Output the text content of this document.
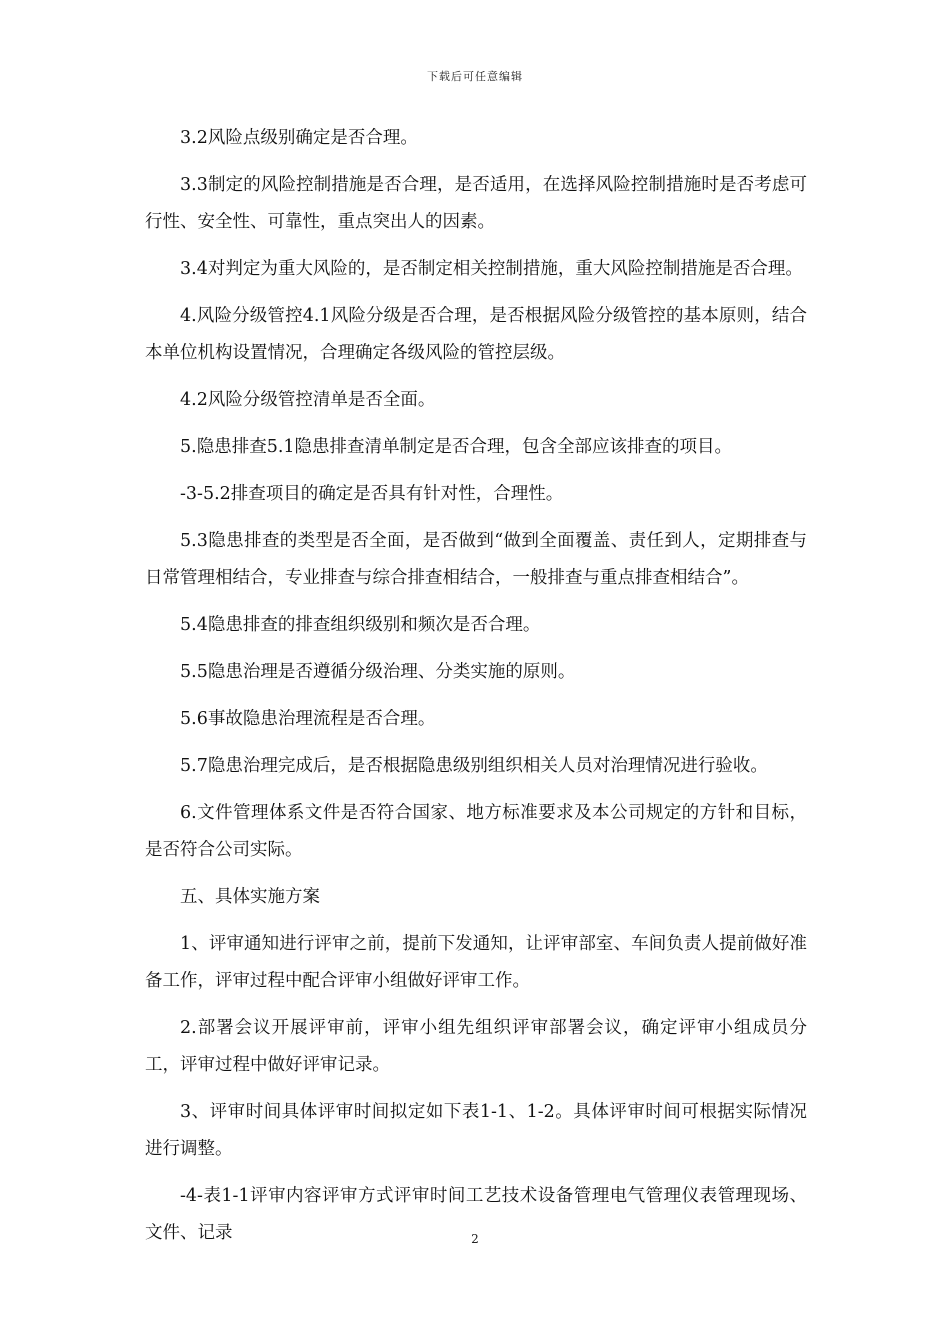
下载后可任意编辑

3.2风险点级别确定是否合理。

3.3制定的风险控制措施是否合理，是否适用，在选择风险控制措施时是否考虑可行性、安全性、可靠性，重点突出人的因素。

3.4对判定为重大风险的，是否制定相关控制措施，重大风险控制措施是否合理。

4.风险分级管控4.1风险分级是否合理，是否根据风险分级管控的基本原则，结合本单位机构设置情况，合理确定各级风险的管控层级。

4.2风险分级管控清单是否全面。

5.隐患排查5.1隐患排查清单制定是否合理，包含全部应该排查的项目。

-3-5.2排查项目的确定是否具有针对性，合理性。

5.3隐患排查的类型是否全面，是否做到“做到全面覆盖、责任到人，定期排查与日常管理相结合，专业排查与综合排查相结合，一般排查与重点排查相结合”。

5.4隐患排查的排查组织级别和频次是否合理。

5.5隐患治理是否遵循分级治理、分类实施的原则。

5.6事故隐患治理流程是否合理。

5.7隐患治理完成后，是否根据隐患级别组织相关人员对治理情况进行验收。

6.文件管理体系文件是否符合国家、地方标准要求及本公司规定的方针和目标，是否符合公司实际。

五、具体实施方案

1、评审通知进行评审之前，提前下发通知，让评审部室、车间负责人提前做好准备工作，评审过程中配合评审小组做好评审工作。

2.部署会议开展评审前，评审小组先组织评审部署会议，确定评审小组成员分工，评审过程中做好评审记录。

3、评审时间具体评审时间拟定如下表1-1、1-2。具体评审时间可根据实际情况进行调整。

-4-表1-1评审内容评审方式评审时间工艺技术设备管理电气管理仪表管理现场、文件、记录	2
